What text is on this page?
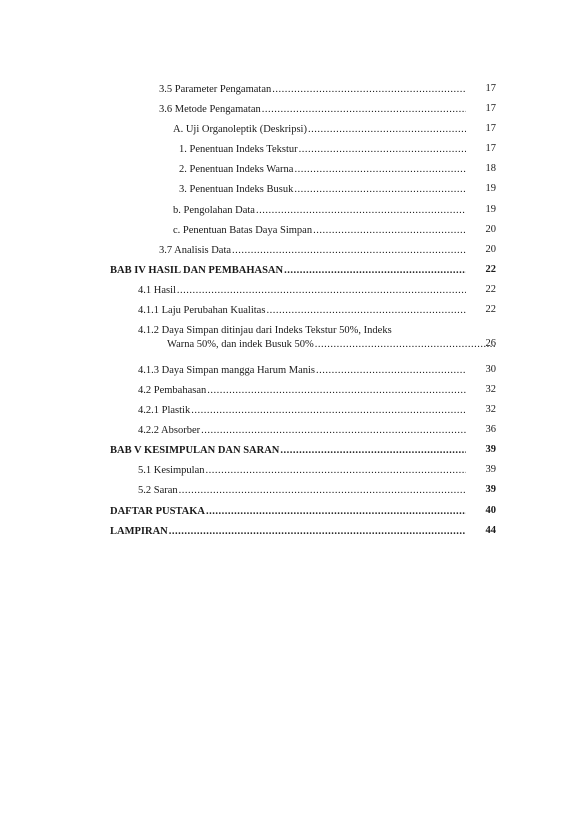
3.5 Parameter Pengamatan .....	17
3.6 Metode Pengamatan .....	17
A. Uji Organoleptik (Deskripsi) .....	17
1. Penentuan Indeks Tekstur .....	17
2. Penentuan Indeks Warna .....	18
3. Penentuan Indeks Busuk .....	19
b. Pengolahan Data .....	19
c. Penentuan Batas Daya Simpan .....	20
3.7 Analisis Data .....	20
BAB IV HASIL DAN PEMBAHASAN .....	22
4.1 Hasil .....	22
4.1.1 Laju Perubahan Kualitas .....	22
4.1.2 Daya Simpan ditinjau dari Indeks Tekstur 50%, Indeks
Warna 50%, dan indek Busuk 50% .....	26
4.1.3 Daya Simpan mangga Harum Manis .....	30
4.2 Pembahasan .....	32
4.2.1 Plastik .....	32
4.2.2 Absorber .....	36
BAB V KESIMPULAN DAN SARAN .....	39
5.1 Kesimpulan .....	39
5.2 Saran .....	39
DAFTAR PUSTAKA .....	40
LAMPIRAN .....	44
